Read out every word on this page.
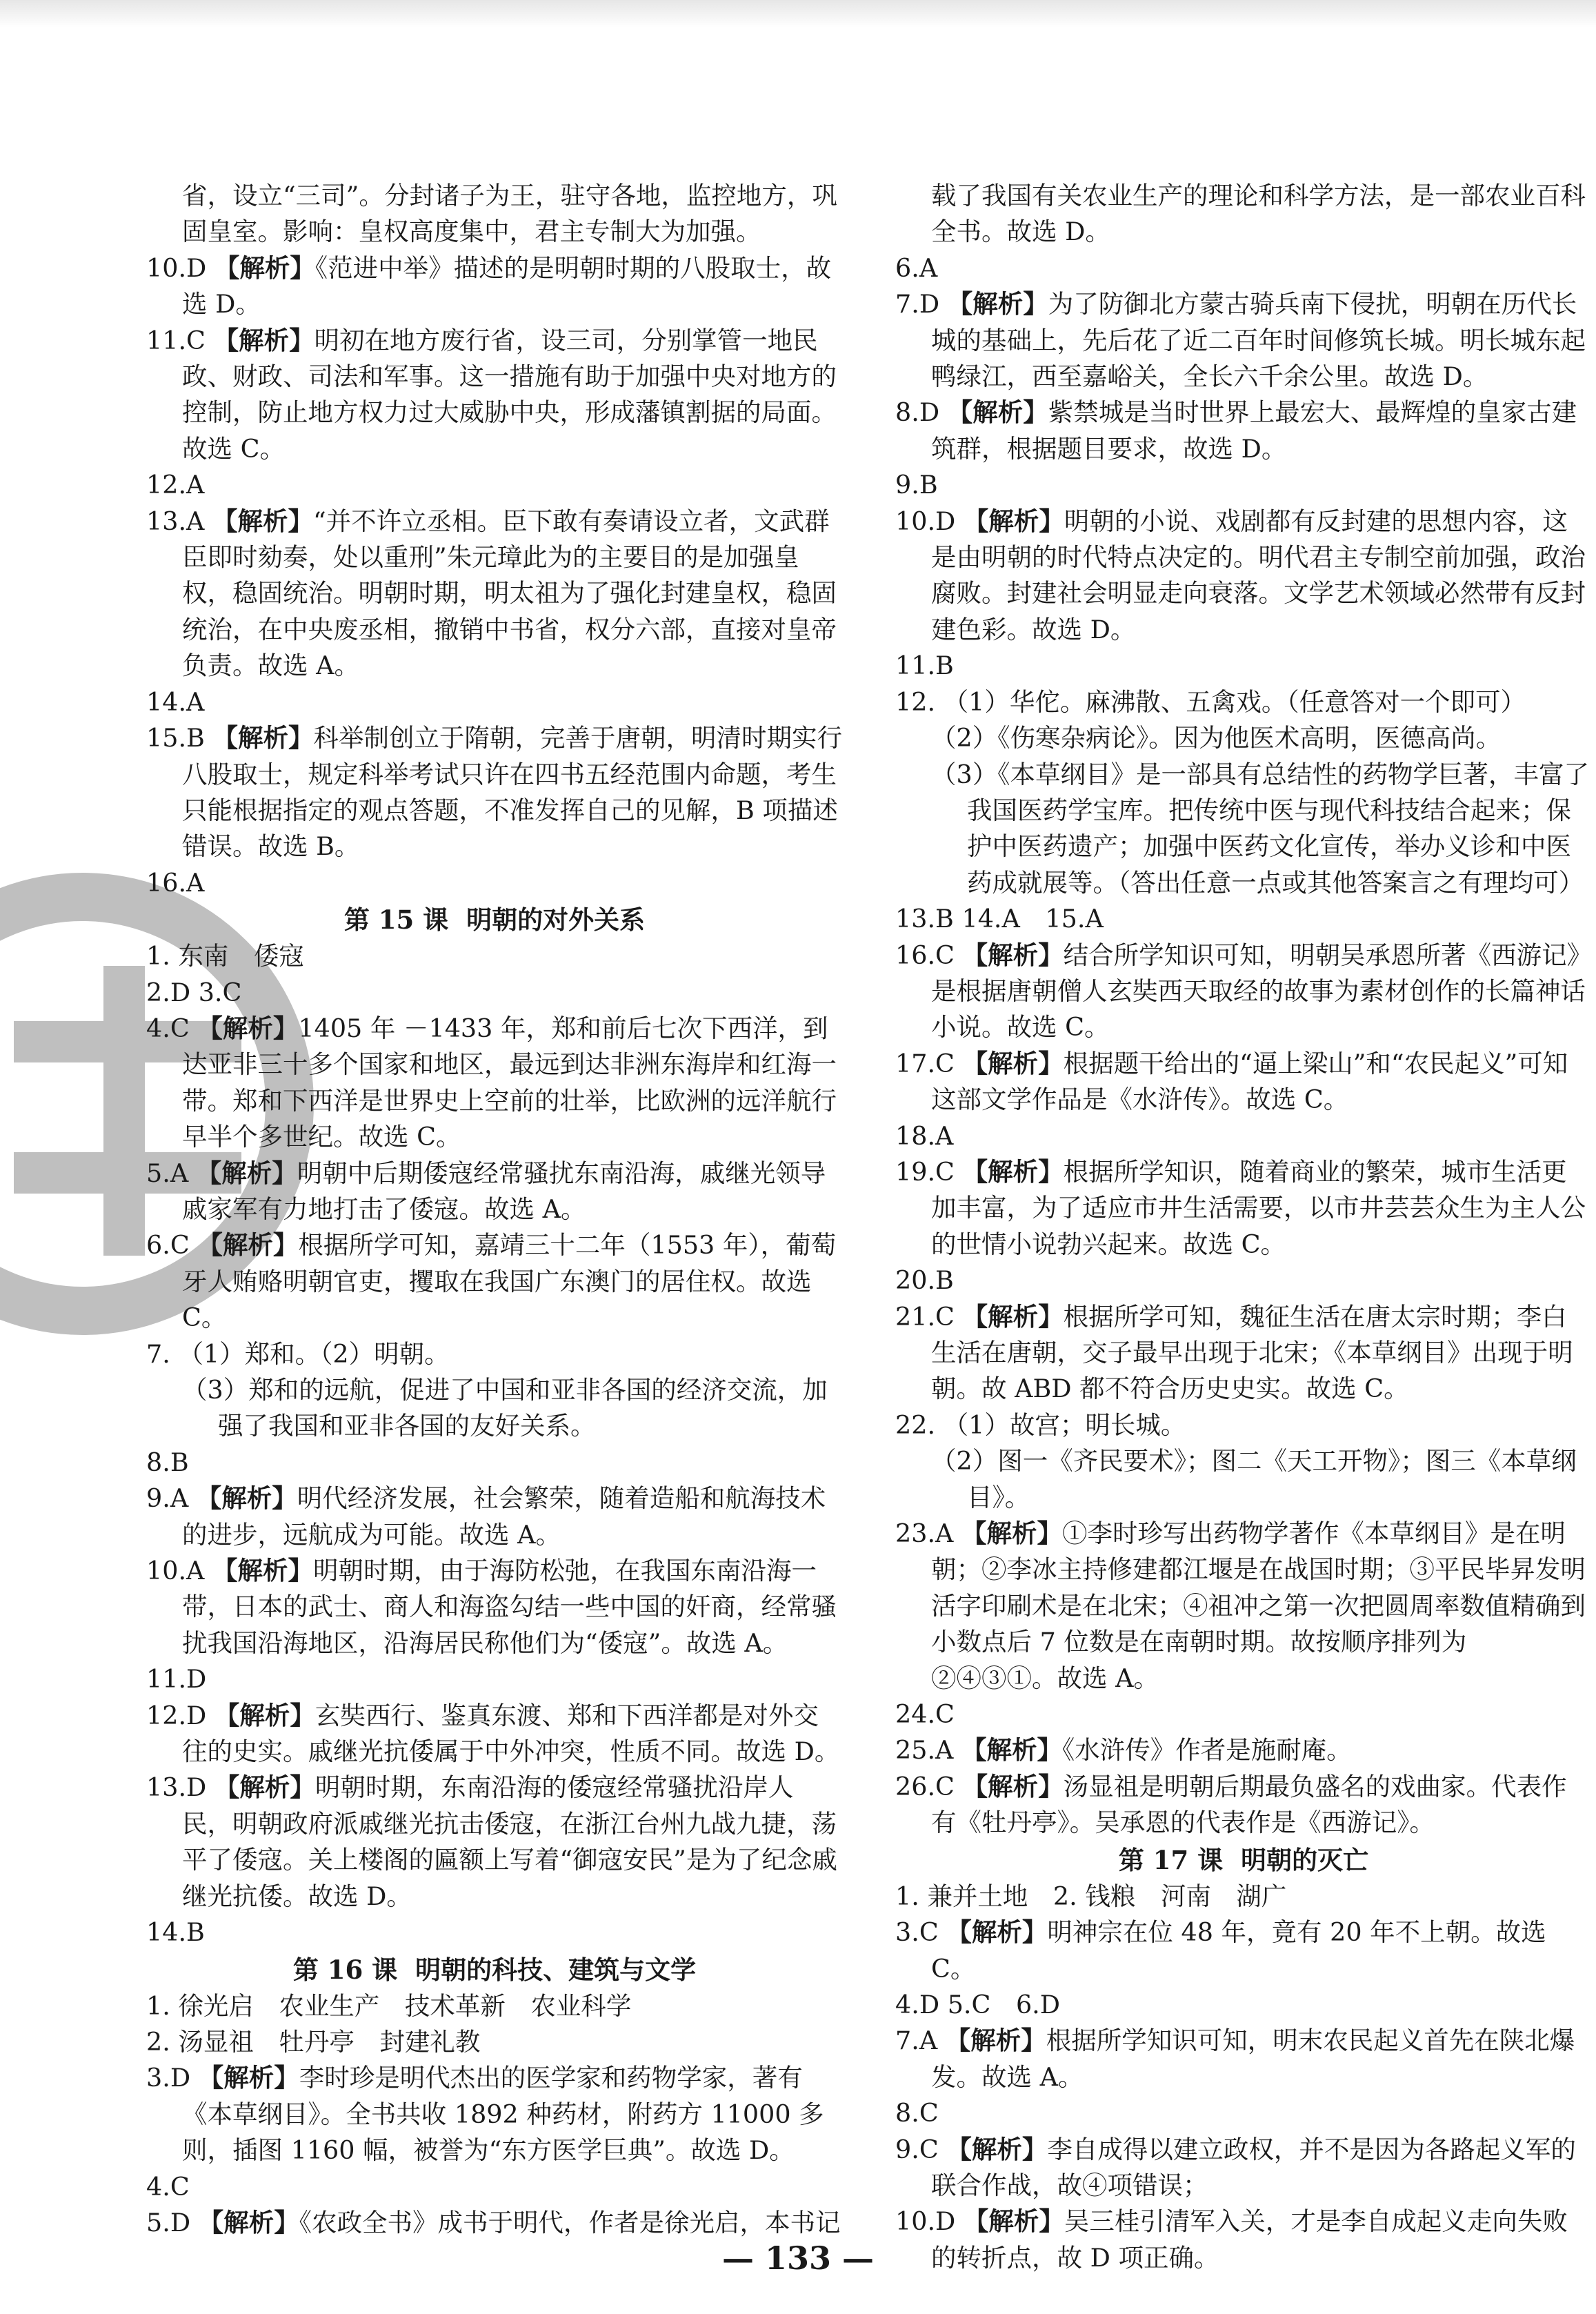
省，设立“三司”。分封诸子为王，驻守各地，监控地方，巩固皇室。影响：皇权高度集中，君主专制大为加强。

10.D 【解析】《范进中举》描述的是明朝时期的八股取士，故选 D。

11.C 【解析】明初在地方废行省，设三司，分别掌管一地民政、财政、司法和军事。这一措施有助于加强中央对地方的控制，防止地方权力过大威胁中央，形成藩镇割据的局面。故选 C。

12.A

13.A 【解析】“并不许立丞相。臣下敢有奏请设立者，文武群臣即时劾奏，处以重刑”朱元璋此为的主要目的是加强皇权，稳固统治。明朝时期，明太祖为了强化封建皇权，稳固统治，在中央废丞相，撤销中书省，权分六部，直接对皇帝负责。故选 A。

14.A

15.B 【解析】科举制创立于隋朝，完善于唐朝，明清时期实行八股取士，规定科举考试只许在四书五经范围内命题，考生只能根据指定的观点答题，不准发挥自己的见解，B 项描述错误。故选 B。

16.A

第 15 课 明朝的对外关系

1. 东南　倭寇

2.D 3.C

4.C 【解析】1405 年 －1433 年，郑和前后七次下西洋，到达亚非三十多个国家和地区，最远到达非洲东海岸和红海一带。郑和下西洋是世界史上空前的壮举，比欧洲的远洋航行早半个多世纪。故选 C。

5.A 【解析】明朝中后期倭寇经常骚扰东南沿海，戚继光领导戚家军有力地打击了倭寇。故选 A。

6.C 【解析】根据所学可知，嘉靖三十二年（1553 年），葡萄牙人贿赂明朝官吏，攫取在我国广东澳门的居住权。故选 C。

7. （1）郑和。（2）明朝。

（3）郑和的远航，促进了中国和亚非各国的经济交流，加强了我国和亚非各国的友好关系。

8.B

9.A 【解析】明代经济发展，社会繁荣，随着造船和航海技术的进步，远航成为可能。故选 A。

10.A 【解析】明朝时期，由于海防松弛，在我国东南沿海一带，日本的武士、商人和海盗勾结一些中国的奸商，经常骚扰我国沿海地区，沿海居民称他们为“倭寇”。故选 A。

11.D

12.D 【解析】玄奘西行、鉴真东渡、郑和下西洋都是对外交往的史实。戚继光抗倭属于中外冲突，性质不同。故选 D。

13.D 【解析】明朝时期，东南沿海的倭寇经常骚扰沿岸人民，明朝政府派戚继光抗击倭寇，在浙江台州九战九捷，荡平了倭寇。关上楼阁的匾额上写着“御寇安民”是为了纪念戚继光抗倭。故选 D。

14.B

第 16 课 明朝的科技、建筑与文学

1. 徐光启　农业生产　技术革新　农业科学

2. 汤显祖　牡丹亭　封建礼教

3.D 【解析】李时珍是明代杰出的医学家和药物学家，著有《本草纲目》。全书共收 1892 种药材，附药方 11000 多则，插图 1160 幅，被誉为“东方医学巨典”。故选 D。

4.C

5.D 【解析】《农政全书》成书于明代，作者是徐光启，本书记

载了我国有关农业生产的理论和科学方法，是一部农业百科全书。故选 D。

6.A

7.D 【解析】为了防御北方蒙古骑兵南下侵扰，明朝在历代长城的基础上，先后花了近二百年时间修筑长城。明长城东起鸭绿江，西至嘉峪关，全长六千余公里。故选 D。

8.D 【解析】紫禁城是当时世界上最宏大、最辉煌的皇家古建筑群，根据题目要求，故选 D。

9.B

10.D 【解析】明朝的小说、戏剧都有反封建的思想内容，这是由明朝的时代特点决定的。明代君主专制空前加强，政治腐败。封建社会明显走向衰落。文学艺术领域必然带有反封建色彩。故选 D。

11.B

12. （1）华佗。麻沸散、五禽戏。（任意答对一个即可）

（2）《伤寒杂病论》。因为他医术高明，医德高尚。

（3）《本草纲目》是一部具有总结性的药物学巨著，丰富了我国医药学宝库。把传统中医与现代科技结合起来；保护中医药遗产；加强中医药文化宣传，举办义诊和中医药成就展等。（答出任意一点或其他答案言之有理均可）

13.B 14.A　15.A

16.C 【解析】结合所学知识可知，明朝吴承恩所著《西游记》是根据唐朝僧人玄奘西天取经的故事为素材创作的长篇神话小说。故选 C。

17.C 【解析】根据题干给出的“逼上梁山”和“农民起义”可知这部文学作品是《水浒传》。故选 C。

18.A

19.C 【解析】根据所学知识，随着商业的繁荣，城市生活更加丰富，为了适应市井生活需要，以市井芸芸众生为主人公的世情小说勃兴起来。故选 C。

20.B

21.C 【解析】根据所学可知，魏征生活在唐太宗时期；李白生活在唐朝，交子最早出现于北宋；《本草纲目》出现于明朝。故 ABD 都不符合历史史实。故选 C。

22. （1）故宫；明长城。

（2）图一《齐民要术》；图二《天工开物》；图三《本草纲目》。

23.A 【解析】①李时珍写出药物学著作《本草纲目》是在明朝；②李冰主持修建都江堰是在战国时期；③平民毕昇发明活字印刷术是在北宋；④祖冲之第一次把圆周率数值精确到小数点后 7 位数是在南朝时期。故按顺序排列为②④③①。故选 A。

24.C

25.A 【解析】《水浒传》作者是施耐庵。

26.C 【解析】汤显祖是明朝后期最负盛名的戏曲家。代表作有《牡丹亭》。吴承恩的代表作是《西游记》。

第 17 课 明朝的灭亡

1. 兼并土地　2. 钱粮　河南　湖广

3.C 【解析】明神宗在位 48 年，竟有 20 年不上朝。故选 C。

4.D 5.C　6.D

7.A 【解析】根据所学知识可知，明末农民起义首先在陕北爆发。故选 A。

8.C

9.C 【解析】李自成得以建立政权，并不是因为各路起义军的联合作战，故④项错误；

10.D 【解析】吴三桂引清军入关，才是李自成起义走向失败的转折点，故 D 项正确。

— 133 —
